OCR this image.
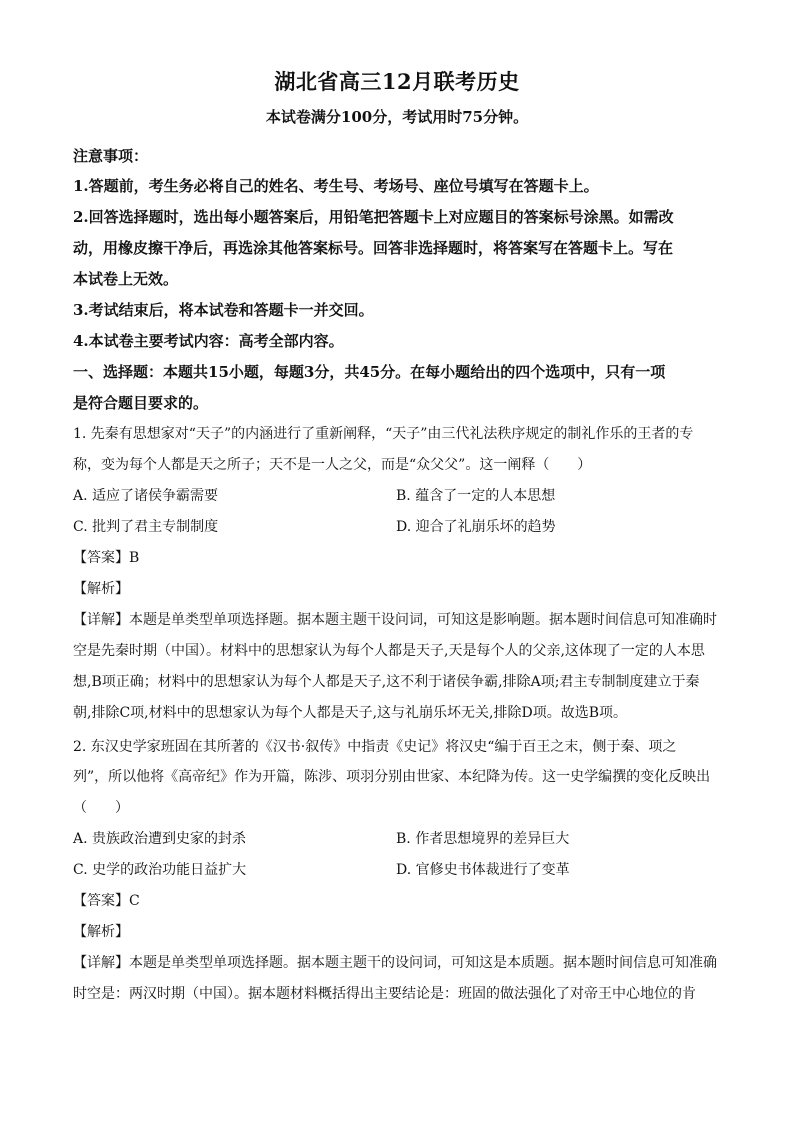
湖北省高三12月联考历史
本试卷满分100分，考试用时75分钟。
注意事项：
1.答题前，考生务必将自己的姓名、考生号、考场号、座位号填写在答题卡上。
2.回答选择题时，选出每小题答案后，用铅笔把答题卡上对应题目的答案标号涂黑。如需改
动，用橡皮擦干净后，再选涂其他答案标号。回答非选择题时，将答案写在答题卡上。写在
本试卷上无效。
3.考试结束后，将本试卷和答题卡一并交回。
4.本试卷主要考试内容：高考全部内容。
一、选择题：本题共15小题，每题3分，共45分。在每小题给出的四个选项中，只有一项
是符合题目要求的。
1. 先秦有思想家对“天子”的内涵进行了重新阐释，“天子”由三代礼法秩序规定的制礼作乐的王者的专
称，变为每个人都是天之所子；天不是一人之父，而是“众父父”。这一阐释（　　）
A. 适应了诸侯争霸需要	B. 蕴含了一定的人本思想
C. 批判了君主专制制度	D. 迎合了礼崩乐坏的趋势
【答案】B
【解析】
【详解】本题是单类型单项选择题。据本题主题干设问词，可知这是影响题。据本题时间信息可知准确时
空是先秦时期（中国）。材料中的思想家认为每个人都是天子,天是每个人的父亲,这体现了一定的人本思
想,B项正确；材料中的思想家认为每个人都是天子,这不利于诸侯争霸,排除A项;君主专制制度建立于秦
朝,排除C项,材料中的思想家认为每个人都是天子,这与礼崩乐坏无关,排除D项。故选B项。
2. 东汉史学家班固在其所著的《汉书·叙传》中指责《史记》将汉史“编于百王之末，侧于秦、项之
列”，所以他将《高帝纪》作为开篇，陈涉、项羽分别由世家、本纪降为传。这一史学编撰的变化反映出
（　　）
A. 贵族政治遭到史家的封杀	B. 作者思想境界的差异巨大
C. 史学的政治功能日益扩大	D. 官修史书体裁进行了变革
【答案】C
【解析】
【详解】本题是单类型单项选择题。据本题主题干的设问词，可知这是本质题。据本题时间信息可知准确
时空是：两汉时期（中国）。据本题材料概括得出主要结论是：班固的做法强化了对帝王中心地位的肯
